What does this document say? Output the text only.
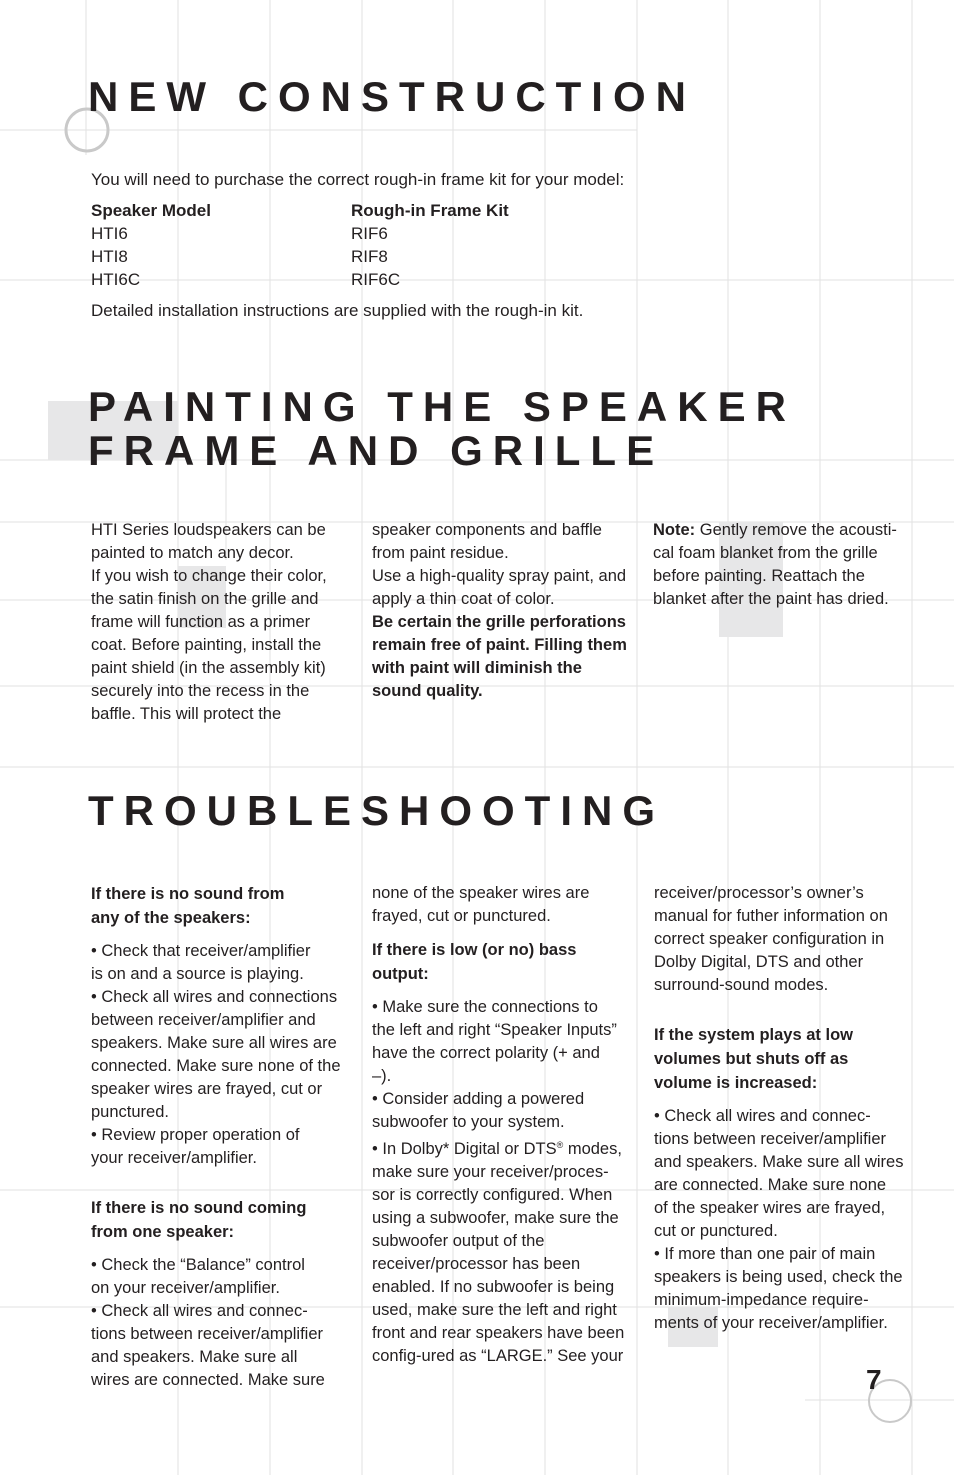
NEW CONSTRUCTION

You will need to purchase the correct rough-in frame kit for your model:

Speaker Model	Rough-in Frame Kit
HTI6	RIF6
HTI8	RIF8
HTI6C	RIF6C

Detailed installation instructions are supplied with the rough-in kit.

PAINTING THE SPEAKER
FRAME AND GRILLE

HTI Series loudspeakers can be painted to match any decor.

If you wish to change their color, the satin finish on the grille and frame will function as a primer coat. Before painting, install the paint shield (in the assembly kit) securely into the recess in the baffle. This will protect the

speaker components and baffle from paint residue.

Use a high-quality spray paint, and apply a thin coat of color.

Be certain the grille perforations remain free of paint. Filling them with paint will diminish the sound quality.

Note: Gently remove the acousti-cal foam blanket from the grille before painting. Reattach the blanket after the paint has dried.

TROUBLESHOOTING

If there is no sound from any of the speakers:

• Check that receiver/amplifier is on and a source is playing.

• Check all wires and connections between receiver/amplifier and speakers. Make sure all wires are connected. Make sure none of the speaker wires are frayed, cut or punctured.

• Review proper operation of your receiver/amplifier.

If there is no sound coming from one speaker:

• Check the “Balance” control on your receiver/amplifier.

• Check all wires and connec-tions between receiver/amplifier and speakers. Make sure all wires are connected. Make sure

none of the speaker wires are frayed, cut or punctured.

If there is low (or no) bass output:

• Make sure the connections to the left and right “Speaker Inputs” have the correct polarity (+ and –).

• Consider adding a powered subwoofer to your system.

• In Dolby* Digital or DTS® modes, make sure your receiver/proces-sor is correctly configured. When using a subwoofer, make sure the subwoofer output of the receiver/processor has been enabled. If no subwoofer is being used, make sure the left and right front and rear speakers have been config-ured as “LARGE.” See your

receiver/processor’s owner’s manual for futher information on correct speaker configuration in Dolby Digital, DTS and other surround-sound modes.

If the system plays at low volumes but shuts off as volume is increased:

• Check all wires and connec-tions between receiver/amplifier and speakers. Make sure all wires are connected. Make sure none of the speaker wires are frayed, cut or punctured.

• If more than one pair of main speakers is being used, check the minimum-impedance require-ments of your receiver/amplifier.

7
